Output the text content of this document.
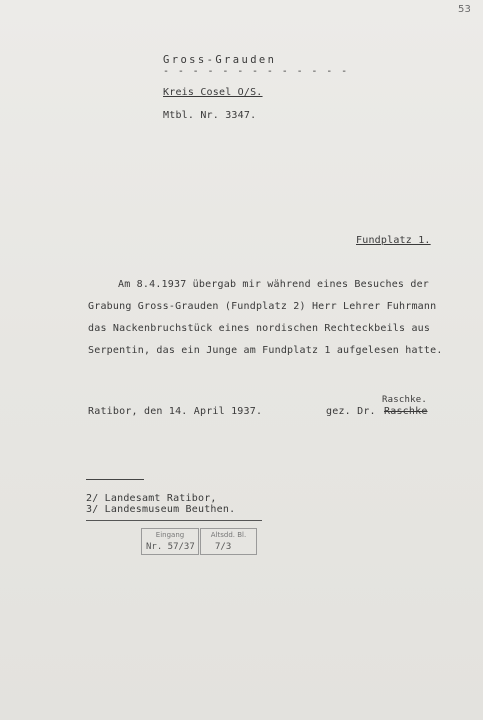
53
Gross-Grauden
- - - - - - - - - - - - -
Kreis Cosel O/S.
Mtbl. Nr. 3347.
Fundplatz 1.
Am 8.4.1937 übergab mir während eines Besuches der
Grabung Gross-Grauden (Fundplatz 2) Herr Lehrer Fuhrmann
das Nackenbruchstück eines nordischen Rechteckbeils aus
Serpentin, das ein Junge am Fundplatz 1 aufgelesen hatte.
Ratibor, den 14. April 1937.	gez. Dr. Raschke
Raschke.
2/ Landesamt Ratibor,
3/ Landesmuseum Beuthen.
Eingang
Nr. 57/37
Altsdd. Bl.
7/3
